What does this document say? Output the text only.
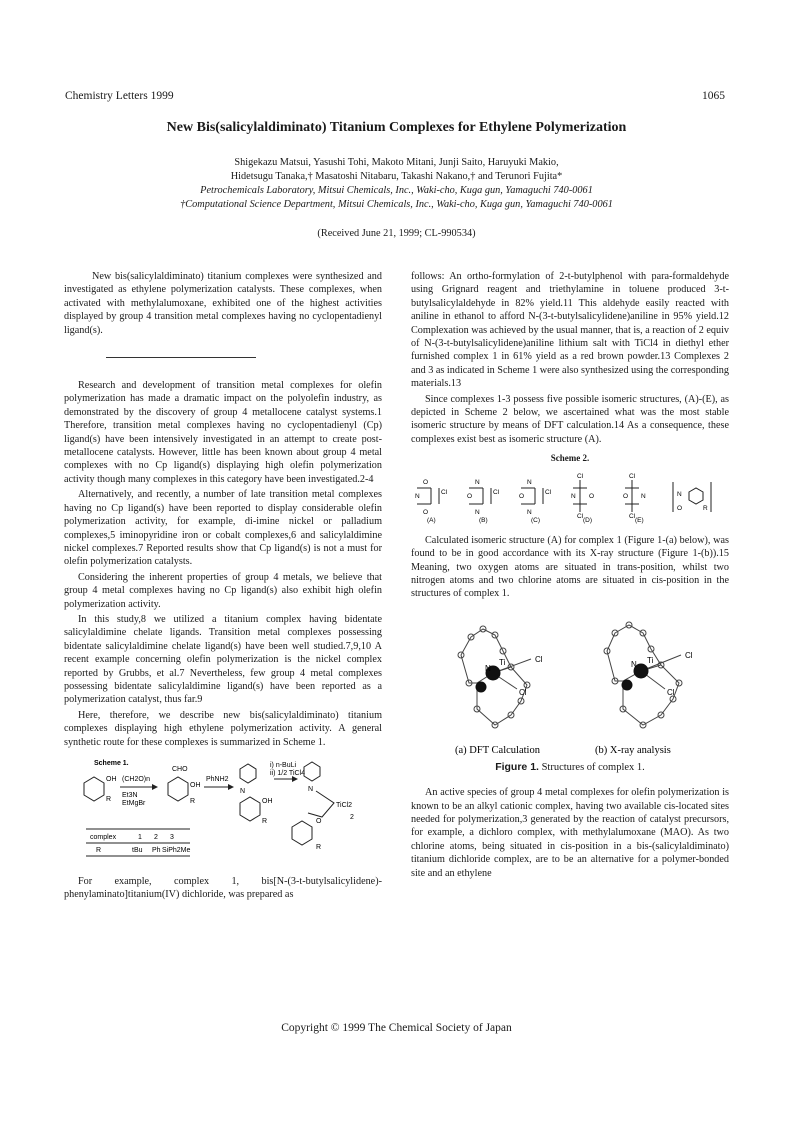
Chemistry Letters 1999	1065
New Bis(salicylaldiminato) Titanium Complexes for Ethylene Polymerization
Shigekazu Matsui, Yasushi Tohi, Makoto Mitani, Junji Saito, Haruyuki Makio,
Hidetsugu Tanaka,† Masatoshi Nitabaru, Takashi Nakano,† and Terunori Fujita*
Petrochemicals Laboratory, Mitsui Chemicals, Inc., Waki-cho, Kuga gun, Yamaguchi 740-0061
†Computational Science Department, Mitsui Chemicals, Inc., Waki-cho, Kuga gun, Yamaguchi 740-0061
(Received June 21, 1999; CL-990534)

New bis(salicylaldiminato) titanium complexes were synthesized and investigated as ethylene polymerization catalysts. These complexes, when activated with methylalumoxane, exhibited one of the highest activities displayed by group 4 transition metal complexes having no cyclopentadienyl ligand(s).

Research and development of transition metal complexes for olefin polymerization has made a dramatic impact on the polyolefin industry, as demonstrated by the discovery of group 4 metallocene catalyst systems.1 Therefore, transition metal complexes having no cyclopentadienyl (Cp) ligand(s) have been intensively investigated in an attempt to create post-metallocene catalysts. However, little has been known about group 4 metal complexes with no Cp ligand(s) displaying high olefin polymerization activity though many complexes in this category have been investigated.2-4

Alternatively, and recently, a number of late transition metal complexes having no Cp ligand(s) have been reported to display considerable olefin polymerization activity, for example, di-imine nickel or palladium complexes,5 iminopyridine iron or cobalt complexes,6 and salicylaldimine nickel complexes.7 Reported results show that Cp ligand(s) is not a must for olefin polymerization catalysts.

Considering the inherent properties of group 4 metals, we believe that group 4 metal complexes having no Cp ligand(s) also exhibit high olefin polymerization activity.

In this study,8 we utilized a titanium complex having bidentate salicylaldimine chelate ligands. Transition metal complexes possessing bidentate salicylaldimine chelate ligand(s) have been well studied.7,9,10 A recent example concerning olefin polymerization is the nickel complex reported by Grubbs, et al.7 Nevertheless, few group 4 metal complexes possessing bidentate salicylaldimine ligand(s) have been reported as a polymerization catalyst, thus far.9

Here, therefore, we describe new bis(salicylaldiminato) titanium complexes displaying high ethylene polymerization activity. A general synthetic route for these complexes is summarized in Scheme 1.

Scheme 1.
OH
R
(CH2O)n
Et3N
EtMgBr
CHO
OH
R
PhNH2
N
OH
R
i) n-BuLi
ii) 1/2 TiCl4
N
TiCl2
2
O
R
complex	1 2 3
R	tBu Ph SiPh2Me

For example, complex 1, bis[N-(3-t-butylsalicylidene)-phenylaminato]titanium(IV) dichloride, was prepared as

follows: An ortho-formylation of 2-t-butylphenol with para-formaldehyde using Grignard reagent and triethylamine in toluene produced 3-t-butylsalicylaldehyde in 82% yield.11 This aldehyde easily reacted with aniline in ethanol to afford N-(3-t-butylsalicylidene)aniline in 95% yield.12 Complexation was achieved by the usual manner, that is, a reaction of 2 equiv of N-(3-t-butylsalicylidene)aniline lithium salt with TiCl4 in diethyl ether furnished complex 1 in 61% yield as a red brown powder.13 Complexes 2 and 3 as indicated in Scheme 1 were also synthesized using the corresponding materials.13

Since complexes 1-3 possess five possible isomeric structures, (A)-(E), as depicted in Scheme 2 below, we ascertained what was the most stable isomeric structure by means of DFT calculation.14 As a consequence, these complexes exist best as isomeric structure (A).

Scheme 2.
O
N
Cl
O
(A)
N
O
Cl
N
(B)
N
O
Cl
N
(C)
Cl
N O
Cl
(D)
Cl
O N
Cl
(E)
N
O	R

Calculated isomeric structure (A) for complex 1 (Figure 1-(a) below), was found to be in good accordance with its X-ray structure (Figure 1-(b)).15 Meaning, two oxygen atoms are situated in trans-position, whilst two nitrogen atoms and two chlorine atoms are situated in cis-position in the structures of complex 1.

Ti	Cl
Cl
N
Ti
Cl
Cl
N
(a) DFT Calculation	(b) X-ray analysis
Figure 1. Structures of complex 1.

An active species of group 4 metal complexes for olefin polymerization is known to be an alkyl cationic complex, having two available cis-located sites needed for polymerization,3 generated by the reaction of catalyst precursors, for example, a dichloro complex, with methylalumoxane (MAO). As two chlorine atoms, being situated in cis-position in a bis-(salicylaldiminato) titanium dichloride complex, are to be an alternative for a polymer-bonded site and an ethylene

Copyright © 1999 The Chemical Society of Japan
